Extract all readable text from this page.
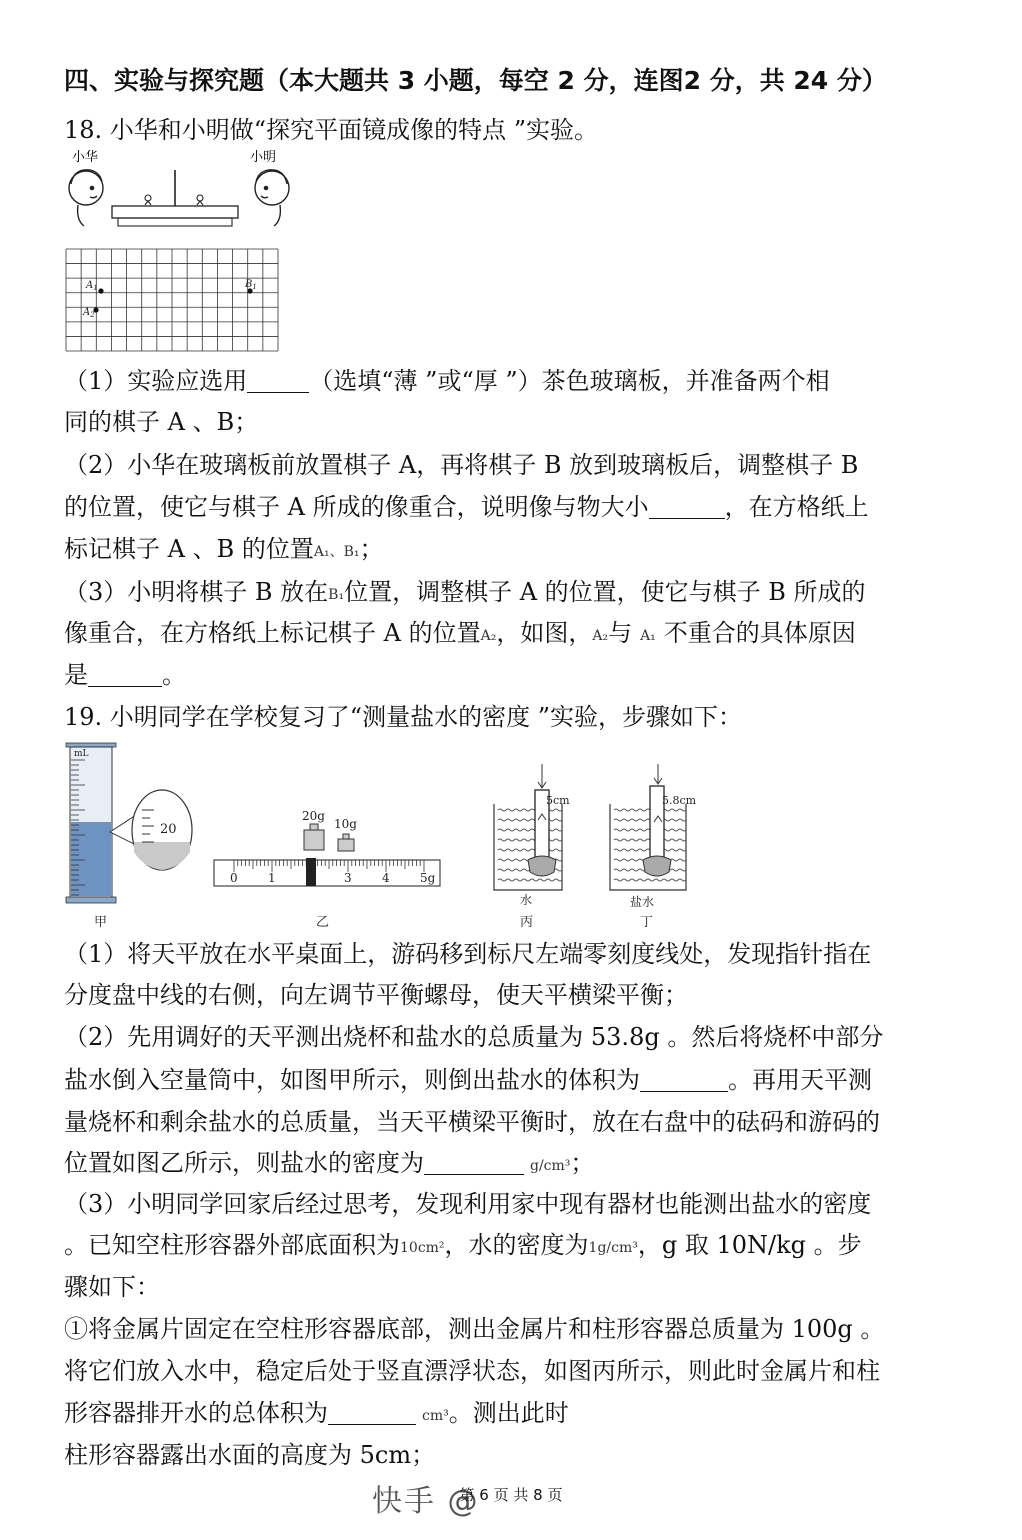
四、实验与探究题（本大题共 3 小题，每空 2 分，连图2 分，共 24 分）
18. 小华和小明做“探究平面镜成像的特点 ”实验。
小华	小明
$A_1$
$A_2$
$B_1$
（1）实验应选用	（选填“薄 ”或“厚 ”）茶色玻璃板，并准备两个相
同的棋子 A 、B；
（2）小华在玻璃板前放置棋子 A，再将棋子 B 放到玻璃板后，调整棋子 B
的位置，使它与棋子 A 所成的像重合，说明像与物大小	，在方格纸上
标记棋子 A 、B 的位置A₁、B₁；
（3）小明将棋子 B 放在B₁位置，调整棋子 A 的位置，使它与棋子 B 所成的
像重合，在方格纸上标记棋子 A 的位置A₂，如图，A₂与 A₁ 不重合的具体原因
是	。
19. 小明同学在学校复习了“测量盐水的密度 ”实验，步骤如下：
mL
20
甲
20g
10g
0	1	2	3	4	5g
乙
5cm
水
丙
5.8cm
盐水
丁
（1）将天平放在水平桌面上，游码移到标尺左端零刻度线处，发现指针指在
分度盘中线的右侧，向左调节平衡螺母，使天平横梁平衡；
（2）先用调好的天平测出烧杯和盐水的总质量为 53.8g 。然后将烧杯中部分
盐水倒入空量筒中，如图甲所示，则倒出盐水的体积为	。再用天平测
量烧杯和剩余盐水的总质量，当天平横梁平衡时，放在右盘中的砝码和游码的
位置如图乙所示，则盐水的密度为	g/cm³；
（3）小明同学回家后经过思考，发现利用家中现有器材也能测出盐水的密度
。已知空柱形容器外部底面积为10cm²，水的密度为1g/cm³，g 取 10N/kg 。步
骤如下：
①将金属片固定在空柱形容器底部，测出金属片和柱形容器总质量为 100g 。
将它们放入水中，稳定后处于竖直漂浮状态，如图丙所示，则此时金属片和柱
形容器排开水的总体积为	cm³。测出此时
柱形容器露出水面的高度为 5cm；
快手 @
第 6 页 共 8 页
